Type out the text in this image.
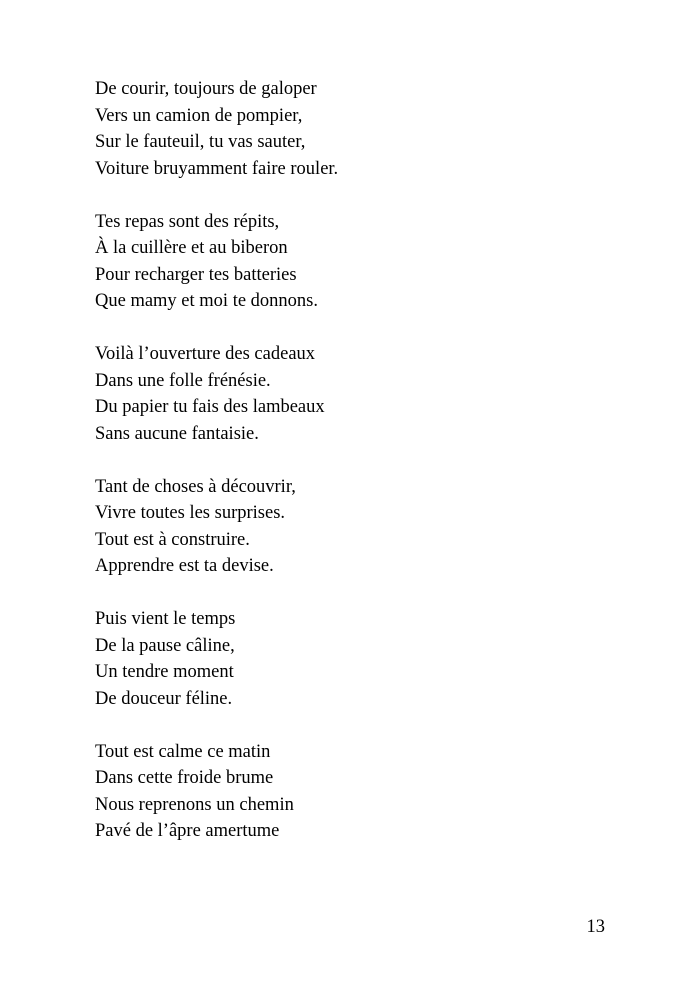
De courir, toujours de galoper
Vers un camion de pompier,
Sur le fauteuil, tu vas sauter,
Voiture bruyamment faire rouler.
Tes repas sont des répits,
À la cuillère et au biberon
Pour recharger tes batteries
Que mamy et moi te donnons.
Voilà l’ouverture des cadeaux
Dans une folle frénésie.
Du papier tu fais des lambeaux
Sans aucune fantaisie.
Tant de choses à découvrir,
Vivre toutes les surprises.
Tout est à construire.
Apprendre est ta devise.
Puis vient le temps
De la pause câline,
Un tendre moment
De douceur féline.
Tout est calme ce matin
Dans cette froide brume
Nous reprenons un chemin
Pavé de l’âpre amertume
13
